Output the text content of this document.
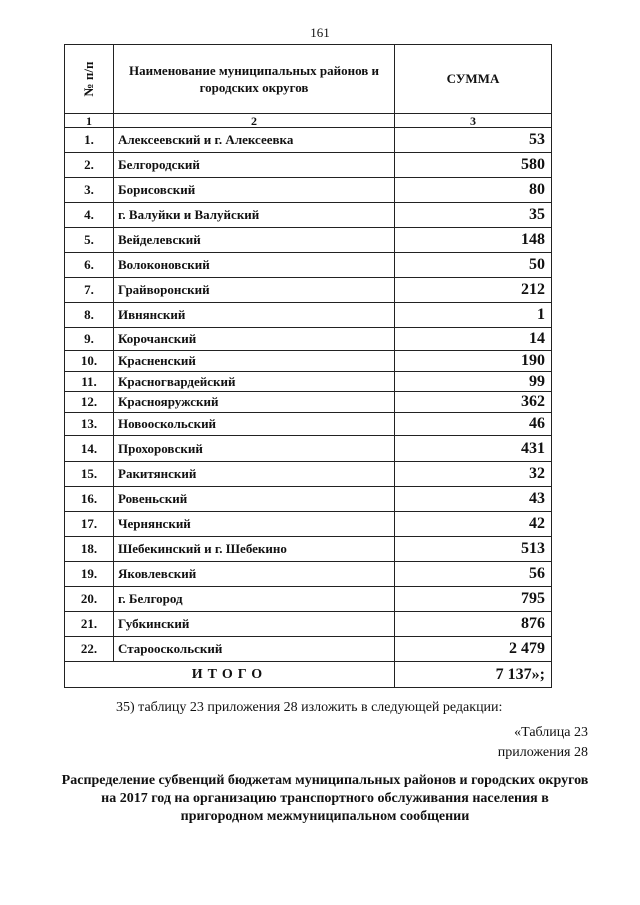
161
№ п/п	Наименование муниципальных районов и городских округов	СУММА
1	2	3
1.	Алексеевский и г. Алексеевка	53
2.	Белгородский	580
3.	Борисовский	80
4.	г. Валуйки и Валуйский	35
5.	Вейделевский	148
6.	Волоконовский	50
7.	Грайворонский	212
8.	Ивнянский	1
9.	Корочанский	14
10.	Красненский	190
11.	Красногвардейский	99
12.	Краснояружский	362
13.	Новооскольский	46
14.	Прохоровский	431
15.	Ракитянский	32
16.	Ровеньский	43
17.	Чернянский	42
18.	Шебекинский и г. Шебекино	513
19.	Яковлевский	56
20.	г. Белгород	795
21.	Губкинский	876
22.	Старооскольский	2 479
ИТОГО		7 137»;
35) таблицу 23 приложения 28 изложить в следующей редакции:
«Таблица 23
приложения 28
Распределение субвенций бюджетам муниципальных районов и городских округов на 2017 год на организацию транспортного обслуживания населения в пригородном межмуниципальном сообщении
